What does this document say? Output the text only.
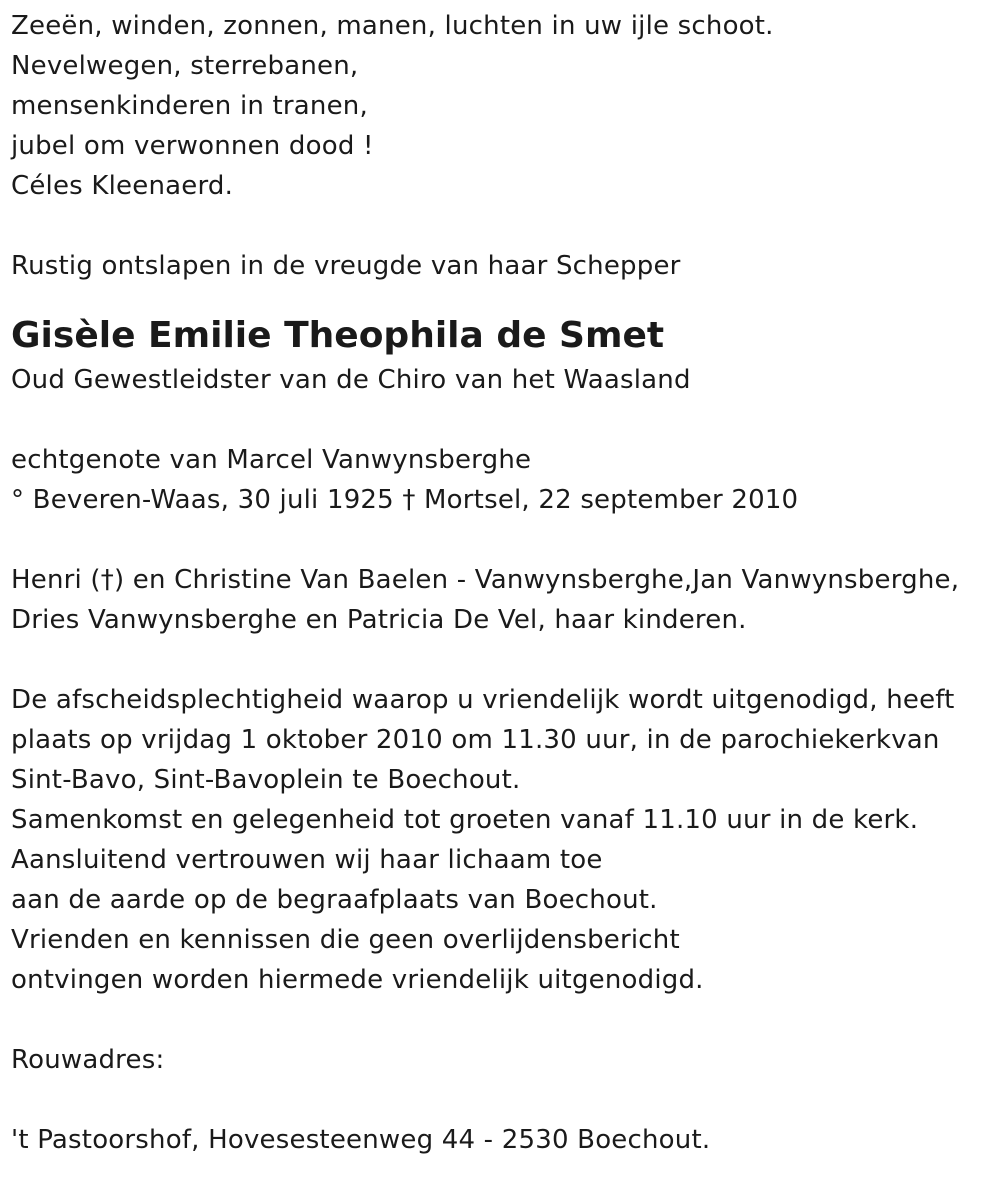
Zeeën, winden, zonnen, manen, luchten in uw ijle schoot.
Nevelwegen, sterrebanen,
mensenkinderen in tranen,
jubel om verwonnen dood !
Céles Kleenaerd.
Rustig ontslapen in de vreugde van haar Schepper
Gisèle Emilie Theophila de Smet
Oud Gewestleidster van de Chiro van het Waasland
echtgenote van Marcel Vanwynsberghe
° Beveren-Waas, 30 juli 1925 † Mortsel, 22 september 2010
Henri (†) en Christine Van Baelen - Vanwynsberghe,Jan Vanwynsberghe,
Dries Vanwynsberghe en Patricia De Vel, haar kinderen.
De afscheidsplechtigheid waarop u vriendelijk wordt uitgenodigd, heeft
plaats op vrijdag 1 oktober 2010 om 11.30 uur, in de parochiekerkvan
Sint-Bavo, Sint-Bavoplein te Boechout.
Samenkomst en gelegenheid tot groeten vanaf 11.10 uur in de kerk.
Aansluitend vertrouwen wij haar lichaam toe
aan de aarde op de begraafplaats van Boechout.
Vrienden en kennissen die geen overlijdensbericht
ontvingen worden hiermede vriendelijk uitgenodigd.
Rouwadres:
't Pastoorshof, Hovesesteenweg 44 - 2530 Boechout.
